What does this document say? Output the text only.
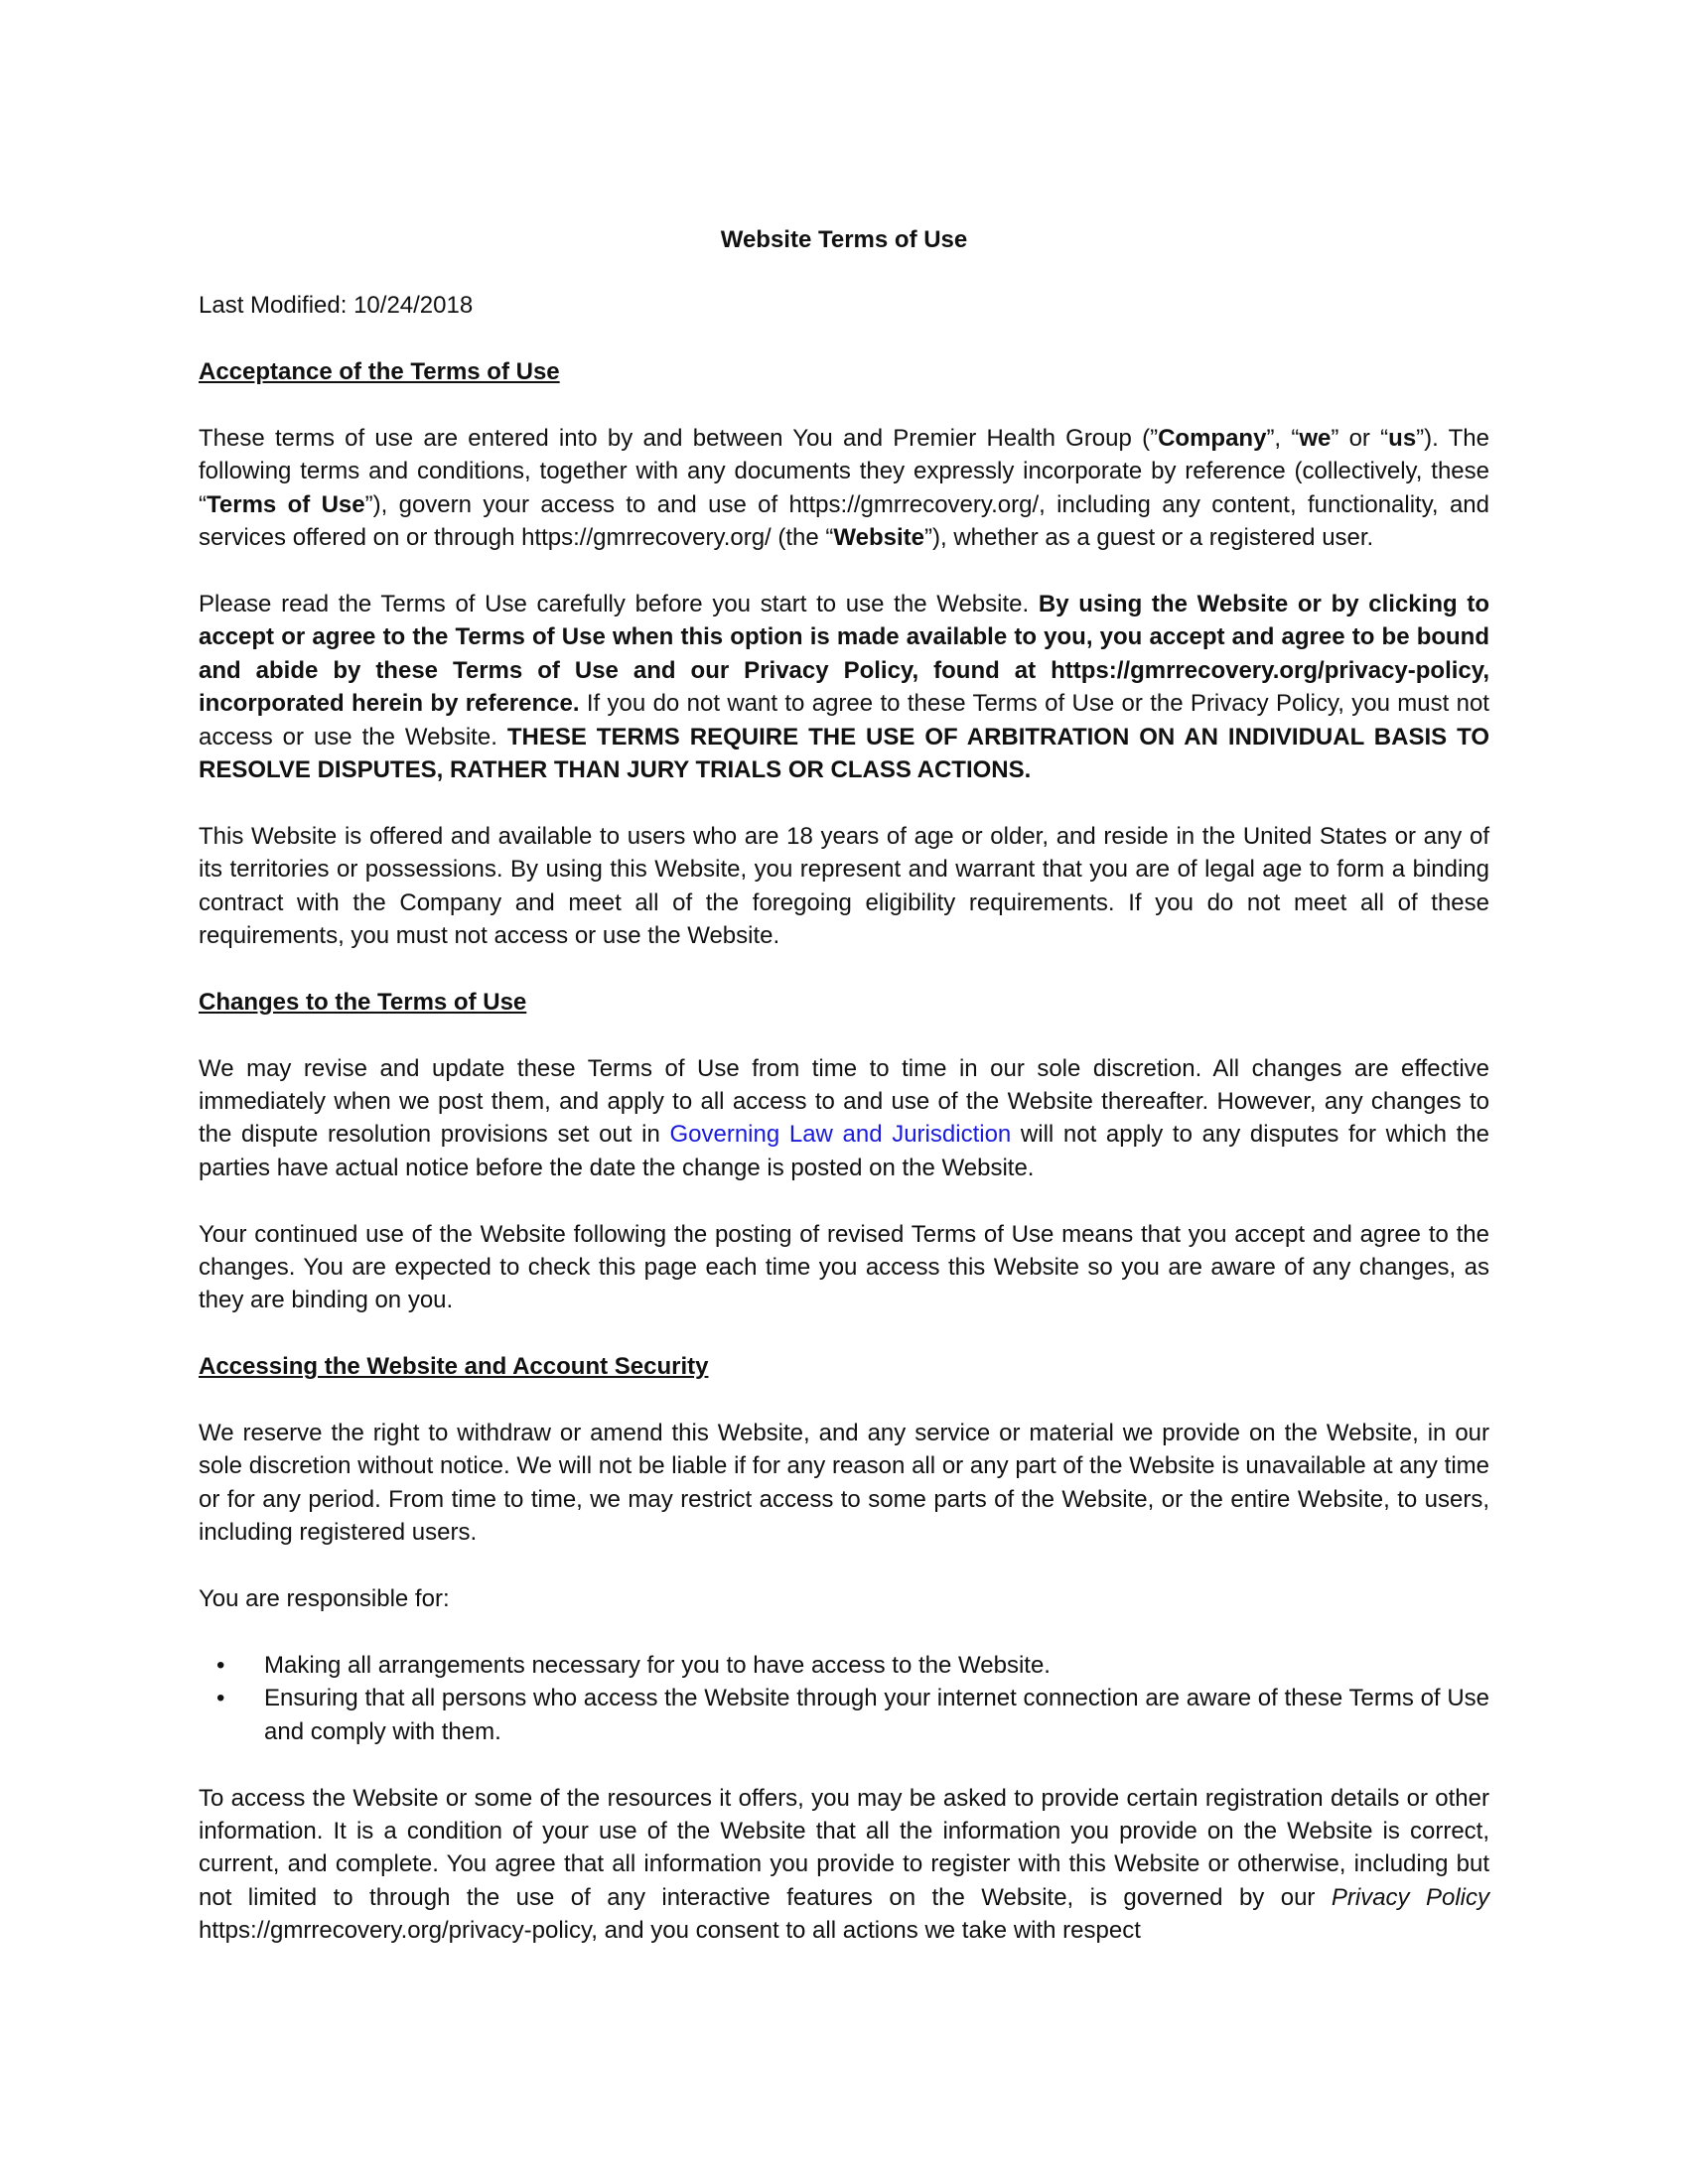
Website Terms of Use
Last Modified: 10/24/2018
Acceptance of the Terms of Use
These terms of use are entered into by and between You and Premier Health Group (”Company”, “we” or “us”). The following terms and conditions, together with any documents they expressly incorporate by reference (collectively, these “Terms of Use”), govern your access to and use of https://gmrrecovery.org/, including any content, functionality, and services offered on or through https://gmrrecovery.org/ (the “Website”), whether as a guest or a registered user.
Please read the Terms of Use carefully before you start to use the Website. By using the Website or by clicking to accept or agree to the Terms of Use when this option is made available to you, you accept and agree to be bound and abide by these Terms of Use and our Privacy Policy, found at https://gmrrecovery.org/privacy-policy, incorporated herein by reference. If you do not want to agree to these Terms of Use or the Privacy Policy, you must not access or use the Website. THESE TERMS REQUIRE THE USE OF ARBITRATION ON AN INDIVIDUAL BASIS TO RESOLVE DISPUTES, RATHER THAN JURY TRIALS OR CLASS ACTIONS.
This Website is offered and available to users who are 18 years of age or older, and reside in the United States or any of its territories or possessions. By using this Website, you represent and warrant that you are of legal age to form a binding contract with the Company and meet all of the foregoing eligibility requirements. If you do not meet all of these requirements, you must not access or use the Website.
Changes to the Terms of Use
We may revise and update these Terms of Use from time to time in our sole discretion. All changes are effective immediately when we post them, and apply to all access to and use of the Website thereafter. However, any changes to the dispute resolution provisions set out in Governing Law and Jurisdiction will not apply to any disputes for which the parties have actual notice before the date the change is posted on the Website.
Your continued use of the Website following the posting of revised Terms of Use means that you accept and agree to the changes. You are expected to check this page each time you access this Website so you are aware of any changes, as they are binding on you.
Accessing the Website and Account Security
We reserve the right to withdraw or amend this Website, and any service or material we provide on the Website, in our sole discretion without notice. We will not be liable if for any reason all or any part of the Website is unavailable at any time or for any period. From time to time, we may restrict access to some parts of the Website, or the entire Website, to users, including registered users.
You are responsible for:
• Making all arrangements necessary for you to have access to the Website.
• Ensuring that all persons who access the Website through your internet connection are aware of these Terms of Use and comply with them.
To access the Website or some of the resources it offers, you may be asked to provide certain registration details or other information. It is a condition of your use of the Website that all the information you provide on the Website is correct, current, and complete. You agree that all information you provide to register with this Website or otherwise, including but not limited to through the use of any interactive features on the Website, is governed by our Privacy Policy https://gmrrecovery.org/privacy-policy, and you consent to all actions we take with respect
